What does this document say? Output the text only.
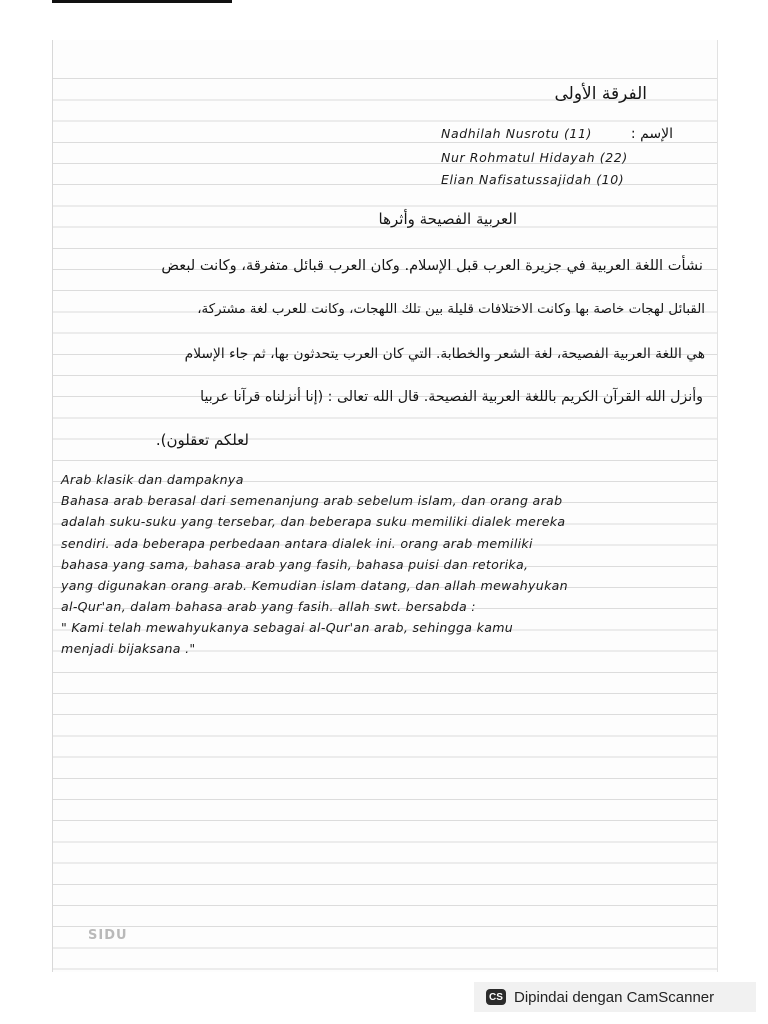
الفرقة الأولى
الإسم :
Nadhilah Nusrotu (11)
Nur Rohmatul Hidayah (22)
Elian Nafisatussajidah (10)
العربية الفصيحة وأثرها
نشأت اللغة العربية في جزيرة العرب قبل الإسلام. وكان العرب قبائل متفرقة، وكانت لبعض
القبائل لهجات خاصة بها وكانت الاختلافات قليلة بين تلك اللهجات، وكانت للعرب لغة مشتركة،
هي اللغة العربية الفصيحة، لغة الشعر والخطابة. التي كان العرب يتحدثون بها، ثم جاء الإسلام
وأنزل الله القرآن الكريم باللغة العربية الفصيحة. قال الله تعالى : (إنا أنزلناه قرآنا عربيا
لعلكم تعقلون).
Arab klasik dan dampaknya
Bahasa arab berasal dari semenanjung arab sebelum islam, dan orang arab
adalah suku-suku yang tersebar, dan beberapa suku memiliki dialek mereka
sendiri. ada beberapa perbedaan antara dialek ini. orang arab memiliki
bahasa yang sama, bahasa arab yang fasih, bahasa puisi dan retorika,
yang digunakan orang arab. Kemudian islam datang, dan allah mewahyukan
al-Qur'an, dalam bahasa arab yang fasih. allah swt. bersabda :
" Kami telah mewahyukanya sebagai al-Qur'an arab, sehingga kamu
menjadi bijaksana ."
SIDU
CS Dipindai dengan CamScanner
